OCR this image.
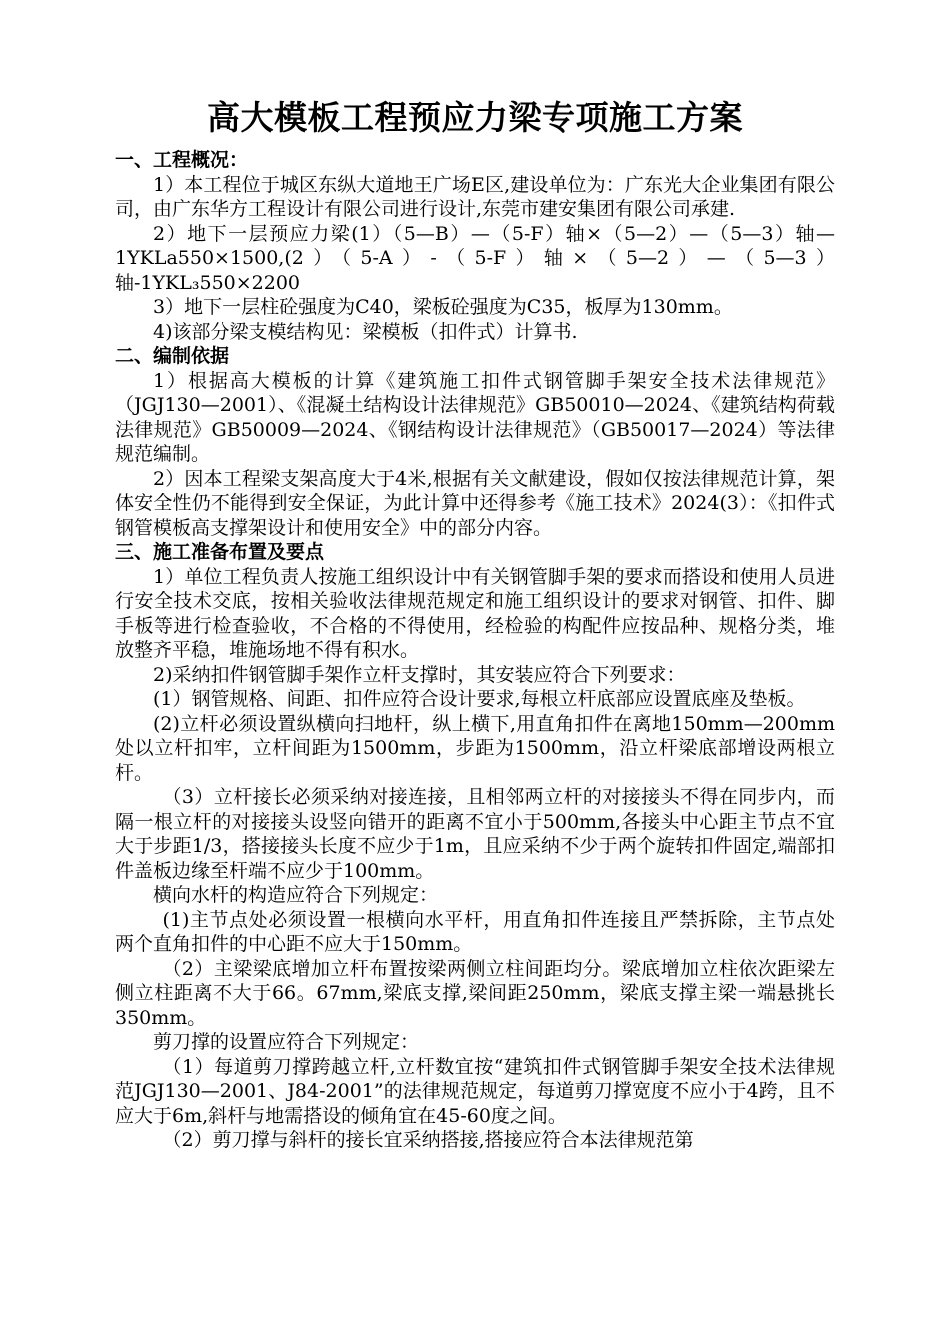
高大模板工程预应力梁专项施工方案
一、工程概况：

1）本工程位于城区东纵大道地王广场E区,建设单位为：广东光大企业集团有限公司，由广东华方工程设计有限公司进行设计,东莞市建安集团有限公司承建.

2）地下一层预应力梁(1）（5—B）—（5-F）轴×（5—2）—（5—3）轴—1YKLa550×1500,(2）（5-A）-（5-F）轴×（5—2）—（5—3）轴-1YKL₃550×2200

3）地下一层柱砼强度为C40，梁板砼强度为C35，板厚为130mm。

4)该部分梁支模结构见：梁模板（扣件式）计算书.

二、编制依据

1）根据高大模板的计算《建筑施工扣件式钢管脚手架安全技术法律规范》（JGJ130—2001）、《混凝土结构设计法律规范》GB50010—2024、《建筑结构荷载法律规范》GB50009—2024、《钢结构设计法律规范》（GB50017—2024）等法律规范编制。

2）因本工程梁支架高度大于4米,根据有关文献建设，假如仅按法律规范计算，架体安全性仍不能得到安全保证，为此计算中还得参考《施工技术》2024(3）：《扣件式钢管模板高支撑架设计和使用安全》中的部分内容。

三、施工准备布置及要点

1）单位工程负责人按施工组织设计中有关钢管脚手架的要求而搭设和使用人员进行安全技术交底，按相关验收法律规范规定和施工组织设计的要求对钢管、扣件、脚手板等进行检查验收，不合格的不得使用，经检验的构配件应按品种、规格分类，堆放整齐平稳，堆施场地不得有积水。

2)采纳扣件钢管脚手架作立杆支撑时，其安装应符合下列要求：

(1）钢管规格、间距、扣件应符合设计要求,每根立杆底部应设置底座及垫板。

(2)立杆必须设置纵横向扫地杆，纵上横下,用直角扣件在离地150mm—200mm处以立杆扣牢，立杆间距为1500mm，步距为1500mm，沿立杆梁底部增设两根立杆。

（3）立杆接长必须采纳对接连接，且相邻两立杆的对接接头不得在同步内，而隔一根立杆的对接接头设竖向错开的距离不宜小于500mm,各接头中心距主节点不宜大于步距1/3，搭接接头长度不应少于1m，且应采纳不少于两个旋转扣件固定,端部扣件盖板边缘至杆端不应少于100mm。

横向水杆的构造应符合下列规定：

(1)主节点处必须设置一根横向水平杆，用直角扣件连接且严禁拆除，主节点处两个直角扣件的中心距不应大于150mm。

（2）主梁梁底增加立杆布置按梁两侧立柱间距均分。梁底增加立柱依次距梁左侧立柱距离不大于66。67mm,梁底支撑,梁间距250mm，梁底支撑主梁一端悬挑长350mm。

剪刀撑的设置应符合下列规定：

（1）每道剪刀撑跨越立杆,立杆数宜按“建筑扣件式钢管脚手架安全技术法律规范JGJ130—2001、J84-2001”的法律规范规定，每道剪刀撑宽度不应小于4跨，且不应大于6m,斜杆与地需搭设的倾角宜在45-60度之间。

（2）剪刀撑与斜杆的接长宜采纳搭接,搭接应符合本法律规范第
